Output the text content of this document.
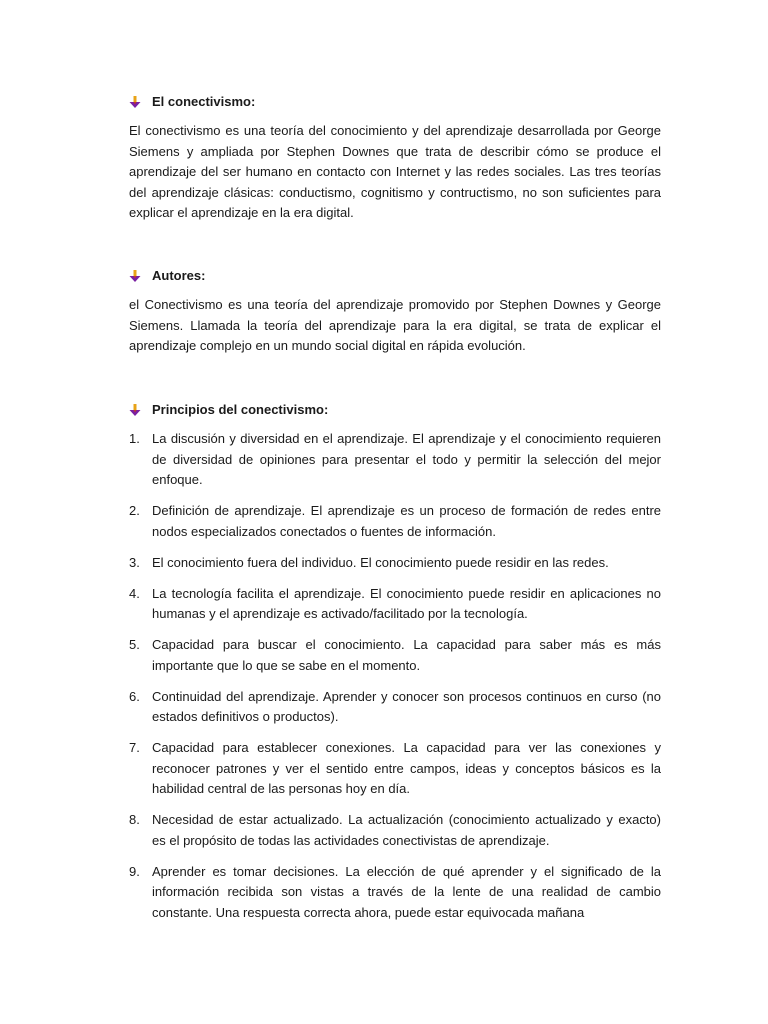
El conectivismo:

El conectivismo es una teoría del conocimiento y del aprendizaje desarrollada por George Siemens y ampliada por Stephen Downes que trata de describir cómo se produce el aprendizaje del ser humano en contacto con Internet y las redes sociales. Las tres teorías del aprendizaje clásicas: conductismo, cognitismo y contructismo, no son suficientes para explicar el aprendizaje en la era digital.

Autores:

el Conectivismo es una teoría del aprendizaje promovido por Stephen Downes y George Siemens. Llamada la teoría del aprendizaje para la era digital, se trata de explicar el aprendizaje complejo en un mundo social digital en rápida evolución.

Principios del conectivismo:
1. La discusión y diversidad en el aprendizaje. El aprendizaje y el conocimiento requieren de diversidad de opiniones para presentar el todo y permitir la selección del mejor enfoque.
2. Definición de aprendizaje. El aprendizaje es un proceso de formación de redes entre nodos especializados conectados o fuentes de información.
3. El conocimiento fuera del individuo. El conocimiento puede residir en las redes.
4. La tecnología facilita el aprendizaje. El conocimiento puede residir en aplicaciones no humanas y el aprendizaje es activado/facilitado por la tecnología.
5. Capacidad para buscar el conocimiento. La capacidad para saber más es más importante que lo que se sabe en el momento.
6. Continuidad del aprendizaje. Aprender y conocer son procesos continuos en curso (no estados definitivos o productos).
7. Capacidad para establecer conexiones. La capacidad para ver las conexiones y reconocer patrones y ver el sentido entre campos, ideas y conceptos básicos es la habilidad central de las personas hoy en día.
8. Necesidad de estar actualizado. La actualización (conocimiento actualizado y exacto) es el propósito de todas las actividades conectivistas de aprendizaje.
9. Aprender es tomar decisiones. La elección de qué aprender y el significado de la información recibida son vistas a través de la lente de una realidad de cambio constante. Una respuesta correcta ahora, puede estar equivocada mañana
